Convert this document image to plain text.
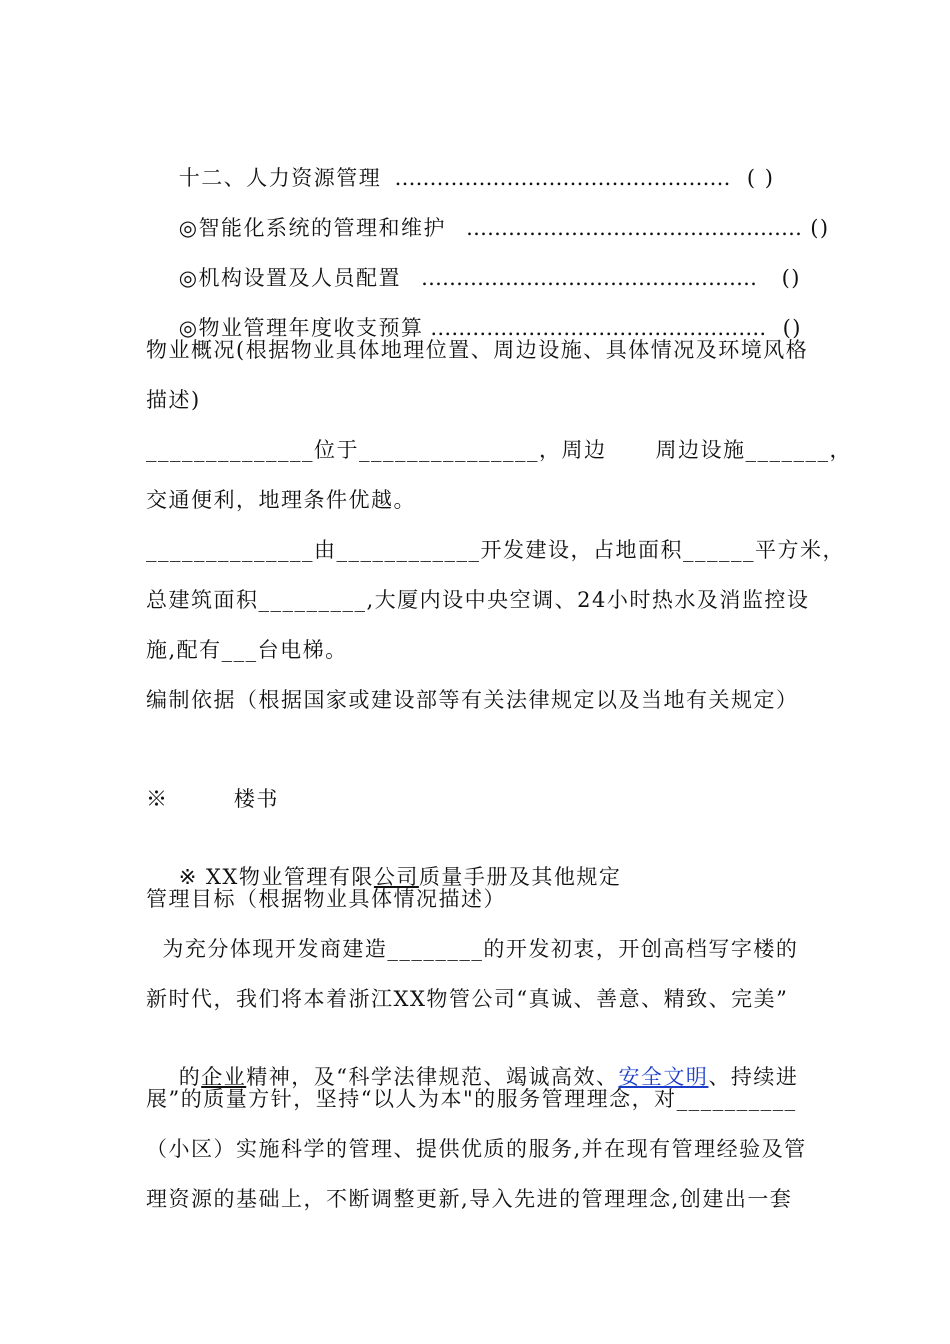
十二、人力资源管理  …………………………………………  ( )

◎智能化系统的管理和维护   ………………………………………… ()

◎机构设置及人员配置   …………………………………………   ()

◎物业管理年度收支预算 …………………………………………  ()

物业概况(根据物业具体地理位置、周边设施、具体情况及环境风格
描述)
______________位于_______________，周边      周边设施_______，
交通便利，地理条件优越。
______________由____________开发建设，占地面积______平方米，
总建筑面积_________,大厦内设中央空调、24小时热水及消监控设
施,配有___台电梯。
编制依据（根据国家或建设部等有关法律规定以及当地有关规定）
※        楼书

※ XX物业管理有限公司质量手册及其他规定

管理目标（根据物业具体情况描述）
为充分体现开发商建造________的开发初衷，开创高档写字楼的
新时代，我们将本着浙江XX物管公司“真诚、善意、精致、完美”

的企业精神，及“科学法律规范、竭诚高效、安全文明、持续进

展”的质量方针，坚持“以人为本"的服务管理理念，对__________
（小区）实施科学的管理、提供优质的服务,并在现有管理经验及管
理资源的基础上，不断调整更新,导入先进的管理理念,创建出一套
